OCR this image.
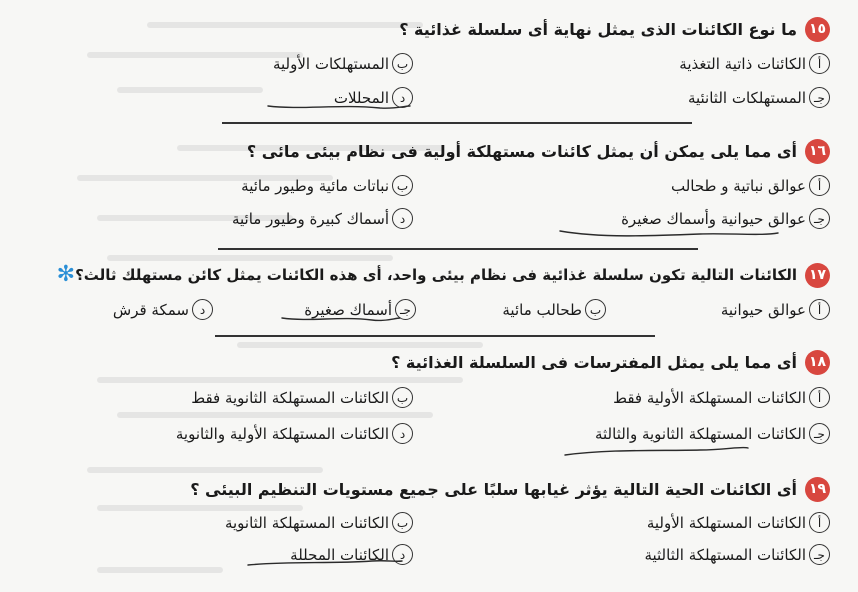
١٥
ما نوع الكائنات الذى يمثل نهاية أى سلسلة غذائية ؟
أ
الكائنات ذاتية التغذية
ب
المستهلكات الأولية
جـ
المستهلكات الثانئية
د
المحللات
١٦
أى مما يلى يمكن أن يمثل كائنات مستهلكة أولية فى نظام بيئى مائى ؟
أ
عوالق نباتية و طحالب
ب
نباتات مائية وطيور مائية
جـ
عوالق حيوانية وأسماك صغيرة
د
أسماك كبيرة وطيور مائية
١٧
الكائنات التالية تكون سلسلة غذائية فى نظام بيئى واحد، أى هذه الكائنات يمثل كائن مستهلك ثالث؟
✻
أ
عوالق حيوانية
ب
طحالب مائية
جـ
أسماك صغيرة
د
سمكة قرش
١٨
أى مما يلى يمثل المفترسات فى السلسلة الغذائية ؟
أ
الكائنات المستهلكة الأولية فقط
ب
الكائنات المستهلكة الثانوية فقط
جـ
الكائنات المستهلكة الثانوية والثالثة
د
الكائنات المستهلكة الأولية والثانوية
١٩
أى الكائنات الحية التالية يؤثر غيابها سلبًا على جميع مستويات التنظيم البيئى ؟
أ
الكائنات المستهلكة الأولية
ب
الكائنات المستهلكة الثانوية
جـ
الكائنات المستهلكة الثالثية
د
الكائنات المحللة
